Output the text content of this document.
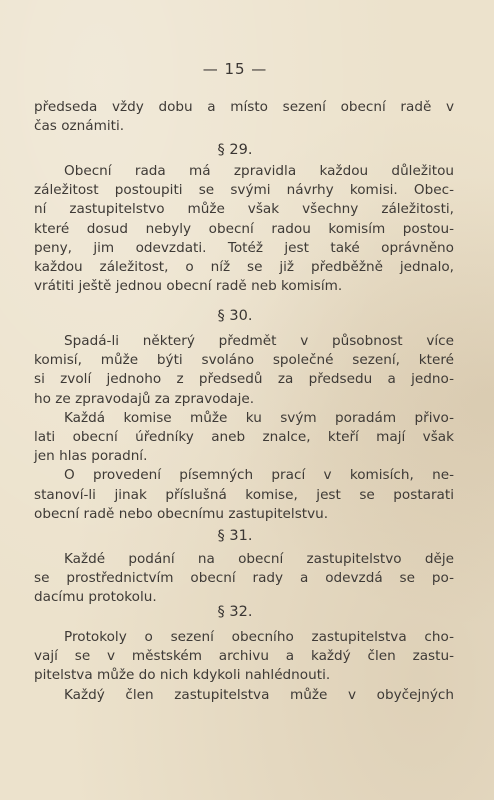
— 15 —

předseda vždy dobu a místo sezení obecní radě v
čas oznámiti.

§ 29.

Obecní rada má zpravidla každou důležitou
záležitost postoupiti se svými návrhy komisi. Obec-
ní zastupitelstvo může však všechny záležitosti,
které dosud nebyly obecní radou komisím postou-
peny, jim odevzdati. Totéž jest také oprávněno
každou záležitost, o níž se již předběžně jednalo,
vrátiti ještě jednou obecní radě neb komisím.

§ 30.

Spadá-li některý předmět v působnost více
komisí, může býti svoláno společné sezení, které
si zvolí jednoho z předsedů za předsedu a jedno-
ho ze zpravodajů za zpravodaje.

Každá komise může ku svým poradám přivo-
lati obecní úředníky aneb znalce, kteří mají však
jen hlas poradní.

O provedení písemných prací v komisích, ne-
stanoví-li jinak příslušná komise, jest se postarati
obecní radě nebo obecnímu zastupitelstvu.

§ 31.

Každé podání na obecní zastupitelstvo děje
se prostřednictvím obecní rady a odevzdá se po-
dacímu protokolu.

§ 32.

Protokoly o sezení obecního zastupitelstva cho-
vají se v městském archivu a každý člen zastu-
pitelstva může do nich kdykoli nahlédnouti.

Každý člen zastupitelstva může v obyčejných
